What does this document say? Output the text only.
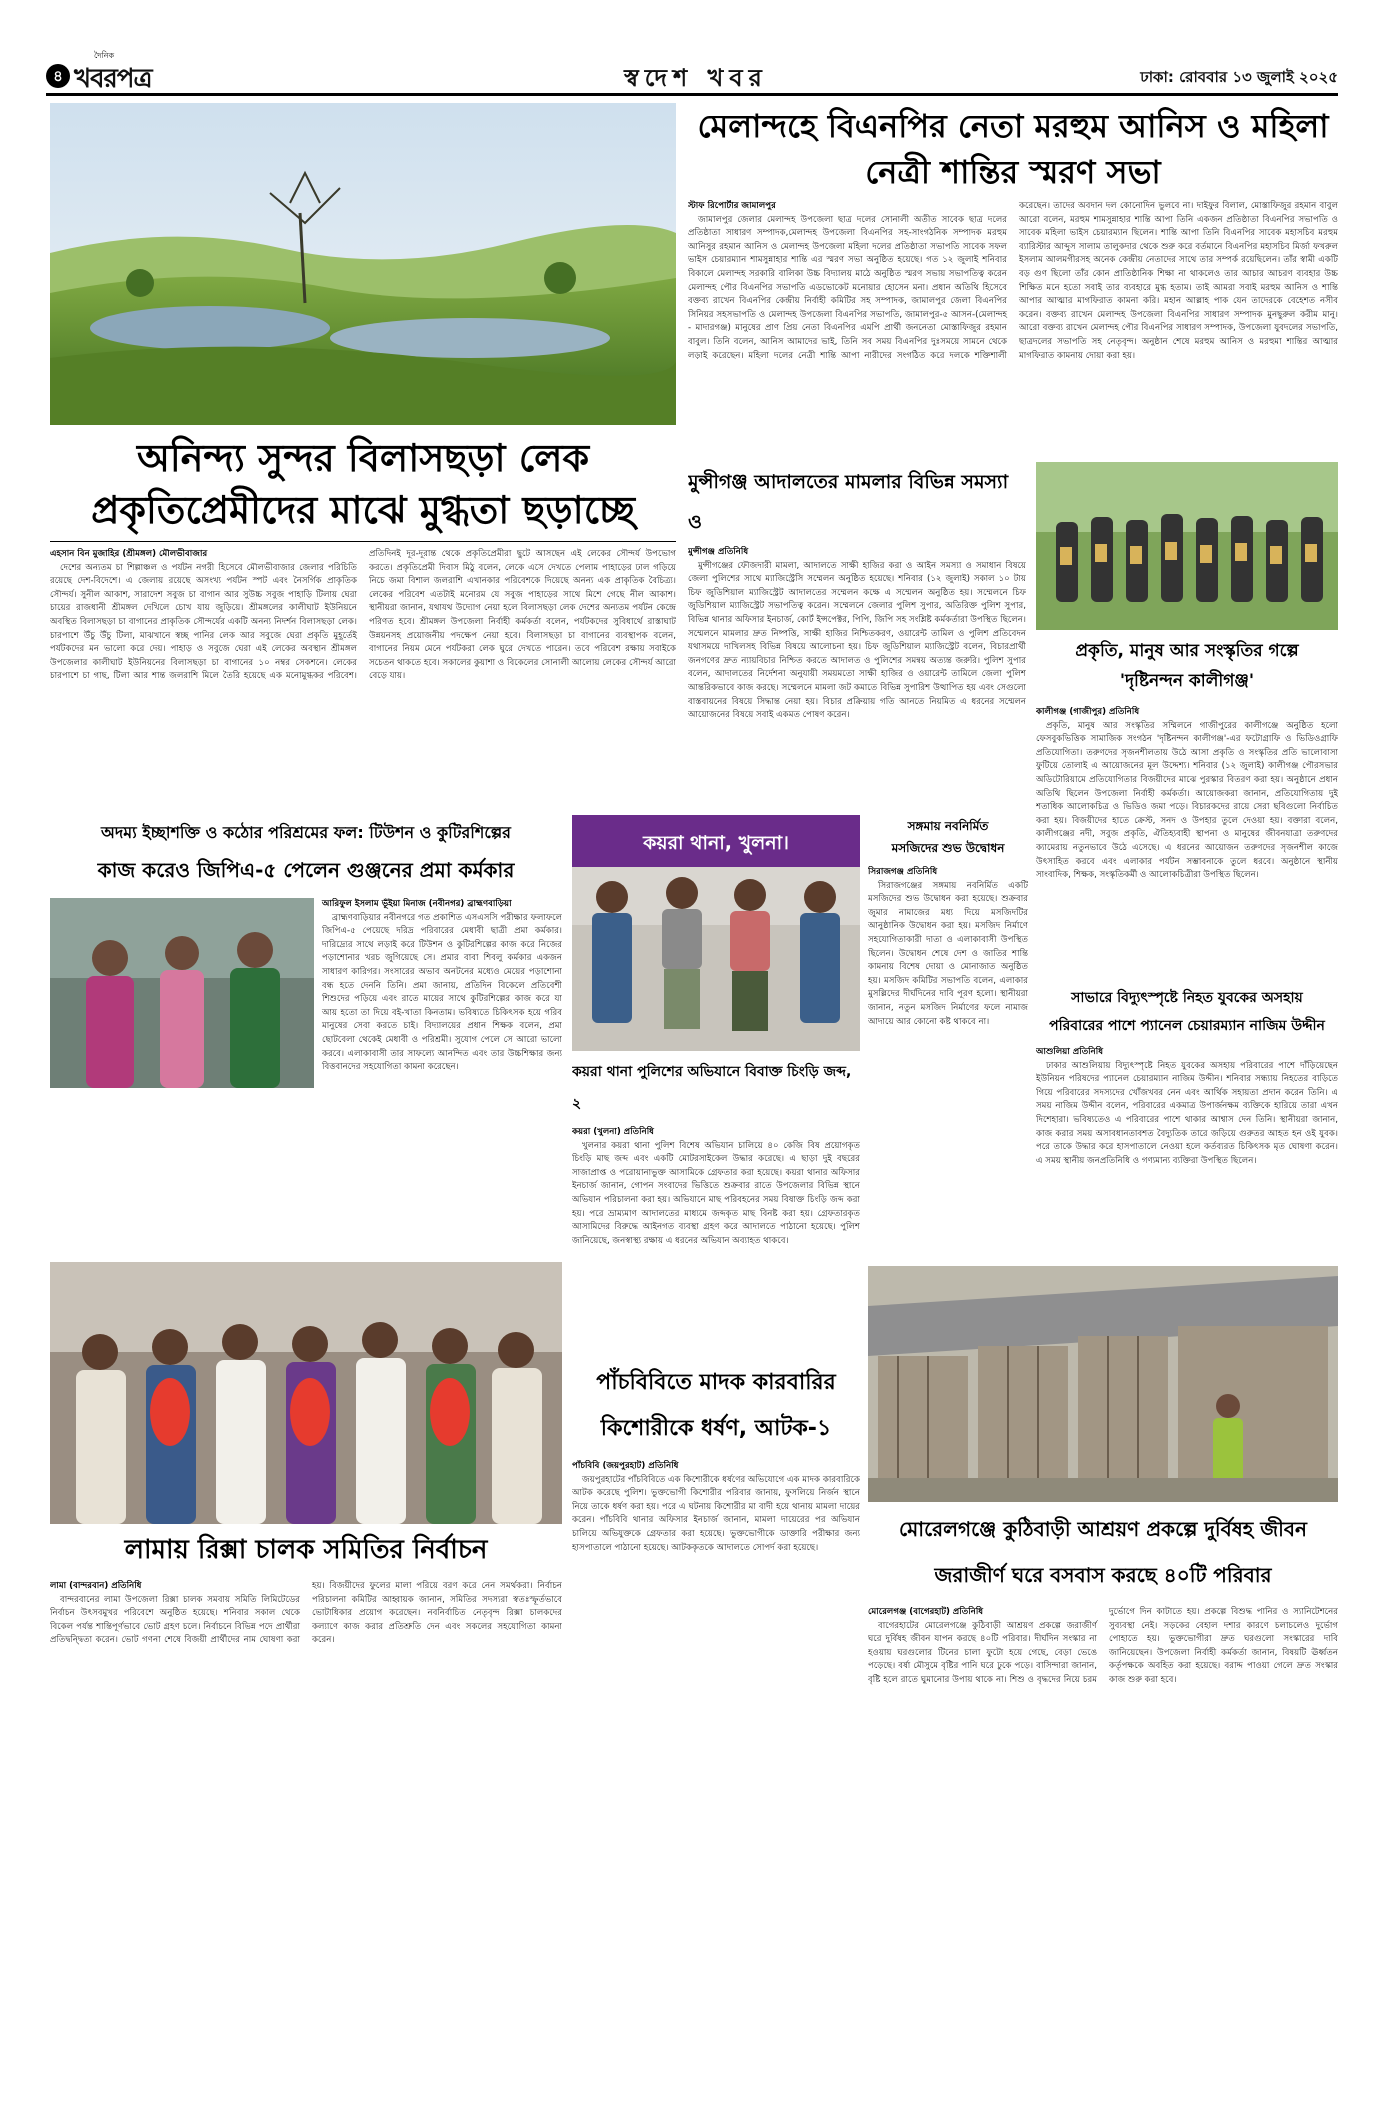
৪
দৈনিক
খবরপত্র	স্বদেশ খবর	ঢাকা: রোববার ১৩ জুলাই ২০২৫
মেলান্দহে বিএনপির নেতা মরহুম আনিস ও মহিলা
নেত্রী শান্তির স্মরণ সভা
স্টাফ রিপোর্টার জামালপুর

জামালপুর জেলার মেলান্দহ উপজেলা ছাত্র দলের সোনালী অতীত সাবেক ছাত্র দলের প্রতিষ্ঠাতা সাধারণ সম্পাদক,মেলান্দহ উপজেলা বিএনপির সহ-সাংগঠনিক সম্পাদক মরহুম আনিসুর রহমান আনিস ও মেলান্দহ উপজেলা মহিলা দলের প্রতিষ্ঠাতা সভাপতি সাবেক সফল ভাইস চেয়ারম্যান শামসুন্নাহার শান্তি এর স্মরণ সভা অনুষ্ঠিত হয়েছে। গত ১২ জুলাই শনিবার বিকালে মেলান্দহ সরকারি বালিকা উচ্চ বিদ্যালয় মাঠে অনুষ্ঠিত স্মরণ সভায় সভাপতিত্ব করেন মেলান্দহ পৌর বিএনপির সভাপতি এডভোকেট মনোয়ার হোসেন মনা। প্রধান অতিথি হিসেবে বক্তব্য রাখেন বিএনপির কেন্দ্রীয় নির্বাহী কমিটির সহ সম্পাদক, জামালপুর জেলা বিএনপির সিনিয়র সহসভাপতি ও মেলান্দহ উপজেলা বিএনপির সভাপতি, জামালপুর-৫ আসন-(মেলান্দহ - মাদারগঞ্জ) মানুষের প্রাণ প্রিয় নেতা বিএনপির এমপি প্রার্থী জননেতা মোস্তাফিজুর রহমান বাবুল। তিনি বলেন, আনিস আমাদের ভাই, তিনি সব সময় বিএনপির দুঃসময়ে সামনে থেকে লড়াই করেছেন। মহিলা দলের নেত্রী শান্তি আপা নারীদের সংগঠিত করে দলকে শক্তিশালী করেছেন। তাদের অবদান দল কোনোদিন ভুলবে না। দাইফুর বিলাল, মোস্তাফিজুর রহমান বাবুল আরো বলেন, মরহুম শামসুন্নাহার শান্তি আপা তিনি একজন প্রতিষ্ঠাতা বিএনপির সভাপতি ও সাবেক মহিলা ভাইস চেয়ারম্যান ছিলেন। শান্তি আপা তিনি বিএনপির সাবেক মহাসচিব মরহুম ব্যারিস্টার আব্দুস সালাম তালুকদার থেকে শুরু করে বর্তমানে বিএনপির মহাসচিব মির্জা ফখরুল ইসলাম আলমগীরসহ অনেক কেন্দ্রীয় নেতাদের সাথে তার সম্পর্ক রয়েছিলেন। তাঁর স্বামী একটি বড় গুণ ছিলো তাঁর কোন প্রাতিষ্ঠানিক শিক্ষা না থাকলেও তার আচার আচরণ ব্যবহার উচ্চ শিক্ষিত মনে হতো সবাই তার ব্যবহারে মুগ্ধ হতাম। তাই আমরা সবাই মরহুম আনিস ও শান্তি আপার আত্মার মাগফিরাত কামনা করি। মহান আল্লাহ পাক যেন তাদেরকে বেহেশত নসীব করেন। বক্তব্য রাখেন মেলান্দহ উপজেলা বিএনপির সাধারণ সম্পাদক মুনছুরুল করীম মানু। আরো বক্তব্য রাখেন মেলান্দহ পৌর বিএনপির সাধারণ সম্পাদক, উপজেলা যুবদলের সভাপতি, ছাত্রদলের সভাপতি সহ নেতৃবৃন্দ। অনুষ্ঠান শেষে মরহুম আনিস ও মরহুমা শান্তির আত্মার মাগফিরাত কামনায় দোয়া করা হয়।

অনিন্দ্য সুন্দর বিলাসছড়া লেক
প্রকৃতিপ্রেমীদের মাঝে মুগ্ধতা ছড়াচ্ছে
এহসান বিন মুজাহির (শ্রীমঙ্গল) মৌলভীবাজার

দেশের অন্যতম চা শিল্পাঞ্চল ও পর্যটন নগরী হিসেবে মৌলভীবাজার জেলার পরিচিতি রয়েছে দেশ-বিদেশে। এ জেলায় রয়েছে অসংখ্য পর্যটন স্পট এবং নৈসর্গিক প্রাকৃতিক সৌন্দর্য। সুনীল আকাশ, সারাদেশ সবুজ চা বাগান আর সুউচ্চ সবুজ পাহাড়ি টিলায় ঘেরা চায়ের রাজধানী শ্রীমঙ্গল দেখিলে চোখ যায় জুড়িয়ে। শ্রীমঙ্গলের কালীঘাট ইউনিয়নে অবস্থিত বিলাসছড়া চা বাগানের প্রাকৃতিক সৌন্দর্যের একটি অনন্য নিদর্শন বিলাসছড়া লেক। চারপাশে উঁচু উঁচু টিলা, মাঝখানে স্বচ্ছ পানির লেক আর সবুজে ঘেরা প্রকৃতি মুহূর্তেই পর্যটকদের মন ভালো করে দেয়। পাহাড় ও সবুজে ঘেরা এই লেকের অবস্থান শ্রীমঙ্গল উপজেলার কালীঘাট ইউনিয়নের বিলাসছড়া চা বাগানের ১০ নম্বর সেকশনে। লেকের চারপাশে চা গাছ, টিলা আর শান্ত জলরাশি মিলে তৈরি হয়েছে এক মনোমুগ্ধকর পরিবেশ। প্রতিদিনই দূর-দূরান্ত থেকে প্রকৃতিপ্রেমীরা ছুটে আসছেন এই লেকের সৌন্দর্য উপভোগ করতে। প্রকৃতিপ্রেমী দিবাস মিঠু বলেন, লেকে এসে দেখতে পেলাম পাহাড়ের ঢাল গড়িয়ে নিচে জমা বিশাল জলরাশি এখানকার পরিবেশকে দিয়েছে অনন্য এক প্রাকৃতিক বৈচিত্র্য। লেকের পরিবেশ এতটাই মনোরম যে সবুজ পাহাড়ের সাথে মিশে গেছে নীল আকাশ। স্থানীয়রা জানান, যথাযথ উদ্যোগ নেয়া হলে বিলাসছড়া লেক দেশের অন্যতম পর্যটন কেন্দ্রে পরিণত হবে। শ্রীমঙ্গল উপজেলা নির্বাহী কর্মকর্তা বলেন, পর্যটকদের সুবিধার্থে রাস্তাঘাট উন্নয়নসহ প্রয়োজনীয় পদক্ষেপ নেয়া হবে। বিলাসছড়া চা বাগানের ব্যবস্থাপক বলেন, বাগানের নিয়ম মেনে পর্যটকরা লেক ঘুরে দেখতে পারেন। তবে পরিবেশ রক্ষায় সবাইকে সচেতন থাকতে হবে। সকালের কুয়াশা ও বিকেলের সোনালী আলোয় লেকের সৌন্দর্য আরো বেড়ে যায়।

মুন্সীগঞ্জ আদালতের মামলার বিভিন্ন সমস্যা ও
মুন্সীগঞ্জ প্রতিনিধি

মুন্সীগঞ্জের ফৌজদারী মামলা, আদালতে সাক্ষী হাজির করা ও আইন সমস্যা ও সমাধান বিষয়ে জেলা পুলিশের সাথে ম্যাজিস্ট্রেসি সম্মেলন অনুষ্ঠিত হয়েছে। শনিবার (১২ জুলাই) সকাল ১০ টায় চিফ জুডিশিয়াল ম্যাজিস্ট্রেট আদালতের সম্মেলন কক্ষে এ সম্মেলন অনুষ্ঠিত হয়। সম্মেলনে চিফ জুডিশিয়াল ম্যাজিস্ট্রেট সভাপতিত্ব করেন। সম্মেলনে জেলার পুলিশ সুপার, অতিরিক্ত পুলিশ সুপার, বিভিন্ন থানার অফিসার ইনচার্জ, কোর্ট ইন্সপেক্টর, পিপি, জিপি সহ সংশ্লিষ্ট কর্মকর্তারা উপস্থিত ছিলেন। সম্মেলনে মামলার দ্রুত নিষ্পত্তি, সাক্ষী হাজির নিশ্চিতকরণ, ওয়ারেন্ট তামিল ও পুলিশ প্রতিবেদন যথাসময়ে দাখিলসহ বিভিন্ন বিষয়ে আলোচনা হয়। চিফ জুডিশিয়াল ম্যাজিস্ট্রেট বলেন, বিচারপ্রার্থী জনগণের দ্রুত ন্যায়বিচার নিশ্চিত করতে আদালত ও পুলিশের সমন্বয় অত্যন্ত জরুরি। পুলিশ সুপার বলেন, আদালতের নির্দেশনা অনুযায়ী সময়মতো সাক্ষী হাজির ও ওয়ারেন্ট তামিলে জেলা পুলিশ আন্তরিকভাবে কাজ করছে। সম্মেলনে মামলা জট কমাতে বিভিন্ন সুপারিশ উত্থাপিত হয় এবং সেগুলো বাস্তবায়নের বিষয়ে সিদ্ধান্ত নেয়া হয়। বিচার প্রক্রিয়ায় গতি আনতে নিয়মিত এ ধরনের সম্মেলন আয়োজনের বিষয়ে সবাই একমত পোষণ করেন।

প্রকৃতি, মানুষ আর সংস্কৃতির গল্পে
'দৃষ্টিনন্দন কালীগঞ্জ'
কালীগঞ্জ (গাজীপুর) প্রতিনিধি

প্রকৃতি, মানুষ আর সংস্কৃতির সম্মিলনে গাজীপুরের কালীগঞ্জে অনুষ্ঠিত হলো ফেসবুকভিত্তিক সামাজিক সংগঠন 'দৃষ্টিনন্দন কালীগঞ্জ'-এর ফটোগ্রাফি ও ভিডিওগ্রাফি প্রতিযোগিতা। তরুণদের সৃজনশীলতায় উঠে আসা প্রকৃতি ও সংস্কৃতির প্রতি ভালোবাসা ফুটিয়ে তোলাই এ আয়োজনের মূল উদ্দেশ্য। শনিবার (১২ জুলাই) কালীগঞ্জ পৌরসভার অডিটোরিয়ামে প্রতিযোগিতার বিজয়ীদের মাঝে পুরস্কার বিতরণ করা হয়। অনুষ্ঠানে প্রধান অতিথি ছিলেন উপজেলা নির্বাহী কর্মকর্তা। আয়োজকরা জানান, প্রতিযোগিতায় দুই শতাধিক আলোকচিত্র ও ভিডিও জমা পড়ে। বিচারকদের রায়ে সেরা ছবিগুলো নির্বাচিত করা হয়। বিজয়ীদের হাতে ক্রেস্ট, সনদ ও উপহার তুলে দেওয়া হয়। বক্তারা বলেন, কালীগঞ্জের নদী, সবুজ প্রকৃতি, ঐতিহ্যবাহী স্থাপনা ও মানুষের জীবনযাত্রা তরুণদের ক্যামেরায় নতুনভাবে উঠে এসেছে। এ ধরনের আয়োজন তরুণদের সৃজনশীল কাজে উৎসাহিত করবে এবং এলাকার পর্যটন সম্ভাবনাকে তুলে ধরবে। অনুষ্ঠানে স্থানীয় সাংবাদিক, শিক্ষক, সংস্কৃতিকর্মী ও আলোকচিত্রীরা উপস্থিত ছিলেন।

সাভারে বিদ্যুৎস্পৃষ্টে নিহত যুবকের অসহায়
পরিবারের পাশে প্যানেল চেয়ারম্যান নাজিম উদ্দীন
আশুলিয়া প্রতিনিধি

ঢাকার আশুলিয়ায় বিদ্যুৎস্পৃষ্টে নিহত যুবকের অসহায় পরিবারের পাশে দাঁড়িয়েছেন ইউনিয়ন পরিষদের প্যানেল চেয়ারম্যান নাজিম উদ্দীন। শনিবার সন্ধ্যায় নিহতের বাড়িতে গিয়ে পরিবারের সদস্যদের খোঁজখবর নেন এবং আর্থিক সহায়তা প্রদান করেন তিনি। এ সময় নাজিম উদ্দীন বলেন, পরিবারের একমাত্র উপার্জনক্ষম ব্যক্তিকে হারিয়ে তারা এখন দিশেহারা। ভবিষ্যতেও এ পরিবারের পাশে থাকার আশ্বাস দেন তিনি। স্থানীয়রা জানান, কাজ করার সময় অসাবধানতাবশত বৈদ্যুতিক তারে জড়িয়ে গুরুতর আহত হন ওই যুবক। পরে তাকে উদ্ধার করে হাসপাতালে নেওয়া হলে কর্তব্যরত চিকিৎসক মৃত ঘোষণা করেন। এ সময় স্থানীয় জনপ্রতিনিধি ও গণ্যমান্য ব্যক্তিরা উপস্থিত ছিলেন।

অদম্য ইচ্ছাশক্তি ও কঠোর পরিশ্রমের ফল: টিউশন ও কুটিরশিল্পের
কাজ করেও জিপিএ-৫ পেলেন গুঞ্জনের প্রমা কর্মকার
আরিফুল ইসলাম ভূঁইয়া মিনাজ (নবীনগর) ব্রাহ্মণবাড়িয়া

ব্রাহ্মণবাড়িয়ার নবীনগরে গত প্রকাশিত এসএসসি পরীক্ষার ফলাফলে জিপিএ-৫ পেয়েছে দরিদ্র পরিবারের মেধাবী ছাত্রী প্রমা কর্মকার। দারিদ্র্যের সাথে লড়াই করে টিউশন ও কুটিরশিল্পের কাজ করে নিজের পড়াশোনার খরচ জুগিয়েছে সে। প্রমার বাবা শিবলু কর্মকার একজন সাধারণ কারিগর। সংসারের অভাব অনটনের মধ্যেও মেয়ের পড়াশোনা বন্ধ হতে দেননি তিনি। প্রমা জানায়, প্রতিদিন বিকেলে প্রতিবেশী শিশুদের পড়িয়ে এবং রাতে মায়ের সাথে কুটিরশিল্পের কাজ করে যা আয় হতো তা দিয়ে বই-খাতা কিনতাম। ভবিষ্যতে চিকিৎসক হয়ে গরিব মানুষের সেবা করতে চাই। বিদ্যালয়ের প্রধান শিক্ষক বলেন, প্রমা ছোটবেলা থেকেই মেধাবী ও পরিশ্রমী। সুযোগ পেলে সে আরো ভালো করবে। এলাকাবাসী তার সাফল্যে আনন্দিত এবং তার উচ্চশিক্ষার জন্য বিত্তবানদের সহযোগিতা কামনা করেছেন।

কয়রা থানা, খুলনা।
কয়রা থানা পুলিশের অভিযানে বিবাক্ত চিংড়ি জব্দ, ২
কয়রা (খুলনা) প্রতিনিধি

খুলনার কয়রা থানা পুলিশ বিশেষ অভিযান চালিয়ে ৪০ কেজি বিষ প্রয়োগকৃত চিংড়ি মাছ জব্দ এবং একটি মোটরসাইকেল উদ্ধার করেছে। এ ছাড়া দুই বছরের সাজাপ্রাপ্ত ও পরোয়ানাভুক্ত আসামিকে গ্রেফতার করা হয়েছে। কয়রা থানার অফিসার ইনচার্জ জানান, গোপন সংবাদের ভিত্তিতে শুক্রবার রাতে উপজেলার বিভিন্ন স্থানে অভিযান পরিচালনা করা হয়। অভিযানে মাছ পরিবহনের সময় বিষাক্ত চিংড়ি জব্দ করা হয়। পরে ভ্রাম্যমাণ আদালতের মাধ্যমে জব্দকৃত মাছ বিনষ্ট করা হয়। গ্রেফতারকৃত আসামিদের বিরুদ্ধে আইনগত ব্যবস্থা গ্রহণ করে আদালতে পাঠানো হয়েছে। পুলিশ জানিয়েছে, জনস্বাস্থ্য রক্ষায় এ ধরনের অভিযান অব্যাহত থাকবে।

সঙ্গমায় নবনির্মিত
মসজিদের শুভ উদ্বোধন
সিরাজগঞ্জ প্রতিনিধি

সিরাজগঞ্জের সঙ্গমায় নবনির্মিত একটি মসজিদের শুভ উদ্বোধন করা হয়েছে। শুক্রবার জুমার নামাজের মধ্য দিয়ে মসজিদটির আনুষ্ঠানিক উদ্বোধন করা হয়। মসজিদ নির্মাণে সহযোগিতাকারী দাতা ও এলাকাবাসী উপস্থিত ছিলেন। উদ্বোধন শেষে দেশ ও জাতির শান্তি কামনায় বিশেষ দোয়া ও মোনাজাত অনুষ্ঠিত হয়। মসজিদ কমিটির সভাপতি বলেন, এলাকার মুসল্লিদের দীর্ঘদিনের দাবি পূরণ হলো। স্থানীয়রা জানান, নতুন মসজিদ নির্মাণের ফলে নামাজ আদায়ে আর কোনো কষ্ট থাকবে না।

লামায় রিক্সা চালক সমিতির নির্বাচন
লামা (বান্দরবান) প্রতিনিধি

বান্দরবানের লামা উপজেলা রিক্সা চালক সমবায় সমিতি লিমিটেডের নির্বাচন উৎসবমুখর পরিবেশে অনুষ্ঠিত হয়েছে। শনিবার সকাল থেকে বিকেল পর্যন্ত শান্তিপূর্ণভাবে ভোট গ্রহণ চলে। নির্বাচনে বিভিন্ন পদে প্রার্থীরা প্রতিদ্বন্দ্বিতা করেন। ভোট গণনা শেষে বিজয়ী প্রার্থীদের নাম ঘোষণা করা হয়। বিজয়ীদের ফুলের মালা পরিয়ে বরণ করে নেন সমর্থকরা। নির্বাচন পরিচালনা কমিটির আহ্বায়ক জানান, সমিতির সদস্যরা স্বতঃস্ফূর্তভাবে ভোটাধিকার প্রয়োগ করেছেন। নবনির্বাচিত নেতৃবৃন্দ রিক্সা চালকদের কল্যাণে কাজ করার প্রতিশ্রুতি দেন এবং সকলের সহযোগিতা কামনা করেন।

পাঁচবিবিতে মাদক কারবারির
কিশোরীকে ধর্ষণ, আটক-১
পাঁচবিবি (জয়পুরহাট) প্রতিনিধি

জয়পুরহাটের পাঁচবিবিতে এক কিশোরীকে ধর্ষণের অভিযোগে এক মাদক কারবারিকে আটক করেছে পুলিশ। ভুক্তভোগী কিশোরীর পরিবার জানায়, ফুসলিয়ে নির্জন স্থানে নিয়ে তাকে ধর্ষণ করা হয়। পরে এ ঘটনায় কিশোরীর মা বাদী হয়ে থানায় মামলা দায়ের করেন। পাঁচবিবি থানার অফিসার ইনচার্জ জানান, মামলা দায়েরের পর অভিযান চালিয়ে অভিযুক্তকে গ্রেফতার করা হয়েছে। ভুক্তভোগীকে ডাক্তারি পরীক্ষার জন্য হাসপাতালে পাঠানো হয়েছে। আটককৃতকে আদালতে সোপর্দ করা হয়েছে।

মোরেলগঞ্জে কুঠিবাড়ী আশ্রয়ণ প্রকল্পে দুর্বিষহ জীবন
জরাজীর্ণ ঘরে বসবাস করছে ৪০টি পরিবার
মোরেলগঞ্জ (বাগেরহাট) প্রতিনিধি

বাগেরহাটের মোরেলগঞ্জে কুঠিবাড়ী আশ্রয়ণ প্রকল্পে জরাজীর্ণ ঘরে দুর্বিষহ জীবন যাপন করছে ৪০টি পরিবার। দীর্ঘদিন সংস্কার না হওয়ায় ঘরগুলোর টিনের চালা ফুটো হয়ে গেছে, বেড়া ভেঙে পড়েছে। বর্ষা মৌসুমে বৃষ্টির পানি ঘরে ঢুকে পড়ে। বাসিন্দারা জানান, বৃষ্টি হলে রাতে ঘুমানোর উপায় থাকে না। শিশু ও বৃদ্ধদের নিয়ে চরম দুর্ভোগে দিন কাটাতে হয়। প্রকল্পে বিশুদ্ধ পানির ও স্যানিটেশনের সুব্যবস্থা নেই। সড়কের বেহাল দশার কারণে চলাচলেও দুর্ভোগ পোহাতে হয়। ভুক্তভোগীরা দ্রুত ঘরগুলো সংস্কারের দাবি জানিয়েছেন। উপজেলা নির্বাহী কর্মকর্তা জানান, বিষয়টি ঊর্ধ্বতন কর্তৃপক্ষকে অবহিত করা হয়েছে। বরাদ্দ পাওয়া গেলে দ্রুত সংস্কার কাজ শুরু করা হবে।
